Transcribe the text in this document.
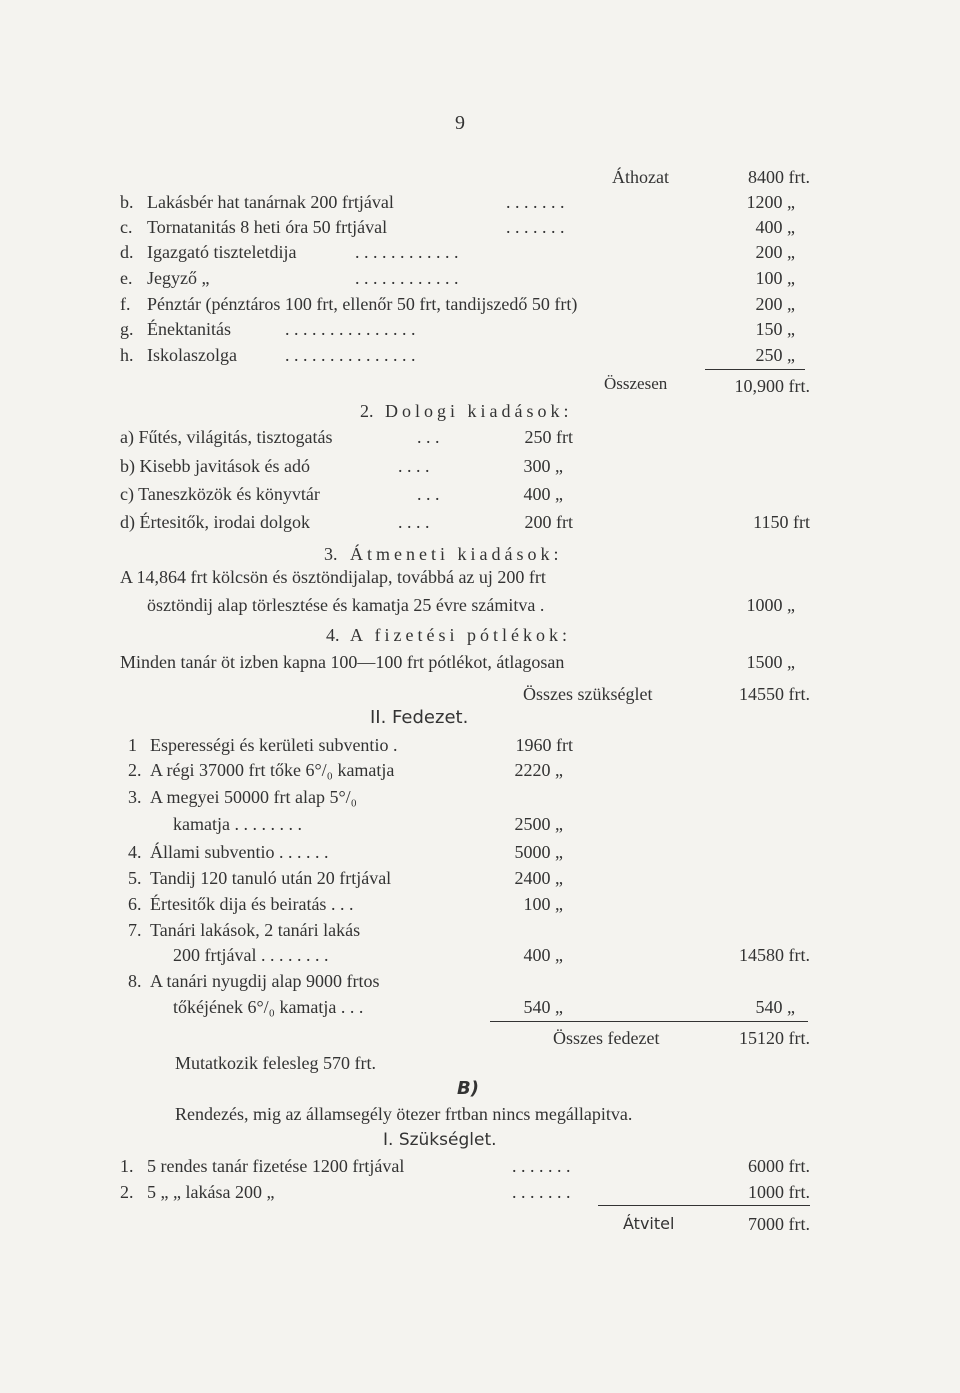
9
Áthozat	8400 frt.
b. Lakásbér hat tanárnak 200 frtjával	. . . . . . .	1200 „
c. Tornatanitás 8 heti óra 50 frtjával	. . . . . . .	400 „
d. Igazgató tiszteletdija	. . . . . . . . . . . .	200 „
e. Jegyző „	. . . . . . . . . . . .	100 „
f. Pénztár (pénztáros 100 frt, ellenőr 50 frt, tandijszedő 50 frt)	200 „
g. Énektanitás	. . . . . . . . . . . . . . .	150 „
h. Iskolaszolga	. . . . . . . . . . . . . . .	250 „
Összesen	10,900 frt.
2. Dologi kiadások:
a) Fűtés, világitás, tisztogatás	. . .	250 frt
b) Kisebb javitások és adó	. . . .	300 „
c) Taneszközök és könyvtár	. . .	400 „
d) Értesitők, irodai dolgok	. . . .	200 frt	1150 frt
3. Átmeneti kiadások:
A 14,864 frt kölcsön és ösztöndijalap, továbbá az uj 200 frt
ösztöndij alap törlesztése és kamatja 25 évre számitva .	1000 „
4. A fizetési pótlékok:
Minden tanár öt izben kapna 100—100 frt pótlékot, átlagosan	1500 „
Összes szükséglet	14550 frt.
II. Fedezet.
1 Esperességi és kerületi subventio .	1960 frt
2. A régi 37000 frt tőke 6°/₀ kamatja	2220 „
3. A megyei 50000 frt alap 5°/₀
kamatja . . . . . . . .	2500 „
4. Állami subventio . . . . . .	5000 „
5. Tandij 120 tanuló után 20 frtjával	2400 „
6. Értesitők dija és beiratás . . .	100 „
7. Tanári lakások, 2 tanári lakás
200 frtjával . . . . . . . .	400 „	14580 frt.
8. A tanári nyugdij alap 9000 frtos
tőkéjének 6°/₀ kamatja . . .	540 „	540 „
Összes fedezet	15120 frt.
Mutatkozik felesleg 570 frt.
B)
Rendezés, mig az államsegély ötezer frtban nincs megállapitva.
I. Szükséglet.
1. 5 rendes tanár fizetése 1200 frtjával	. . . . . . .	6000 frt.
2. 5 „ „ lakása 200 „	. . . . . . .	1000 frt.
Átvitel	7000 frt.
